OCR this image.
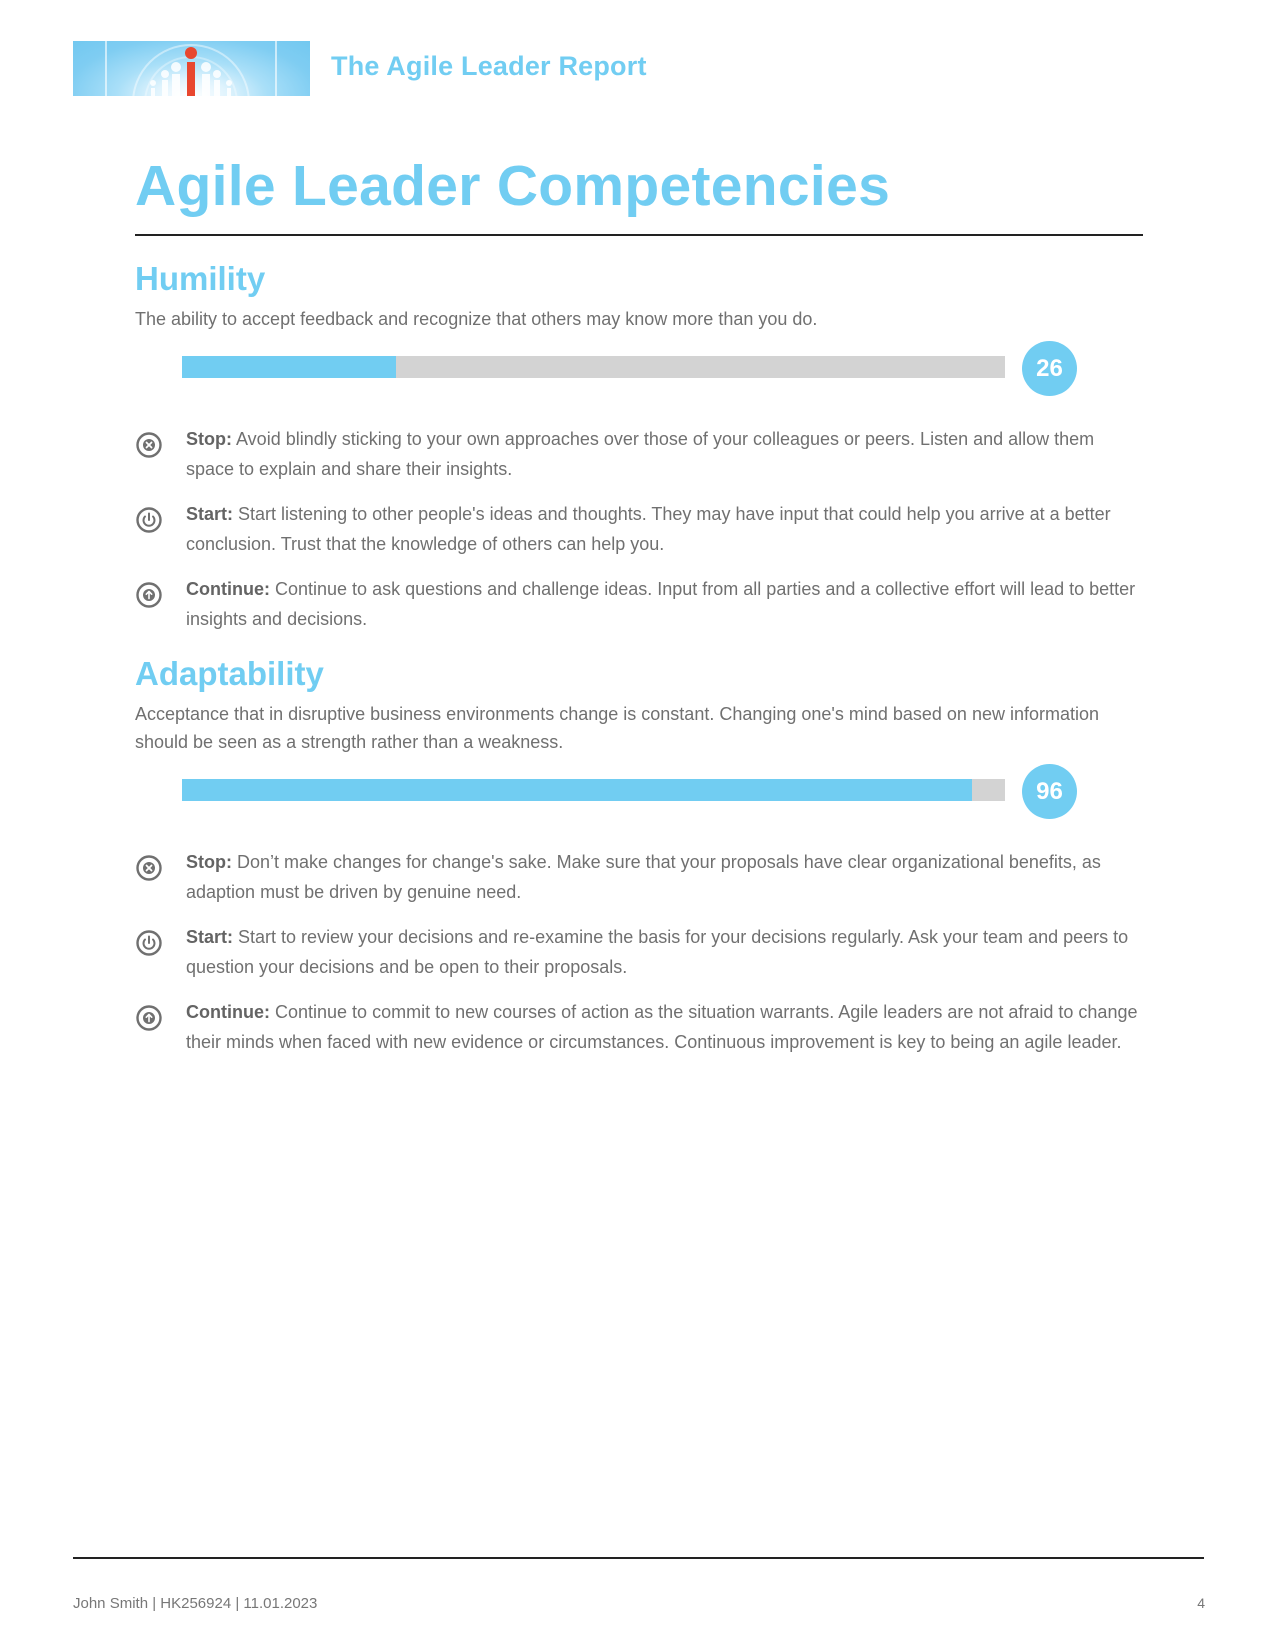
The Agile Leader Report
Agile Leader Competencies
Humility

The ability to accept feedback and recognize that others may know more than you do.

26

Stop: Avoid blindly sticking to your own approaches over those of your colleagues or peers. Listen and allow them space to explain and share their insights.

Start: Start listening to other people's ideas and thoughts. They may have input that could help you arrive at a better conclusion. Trust that the knowledge of others can help you.

Continue: Continue to ask questions and challenge ideas. Input from all parties and a collective effort will lead to better insights and decisions.

Adaptability

Acceptance that in disruptive business environments change is constant. Changing one's mind based on new information should be seen as a strength rather than a weakness.

96

Stop: Don’t make changes for change's sake. Make sure that your proposals have clear organizational benefits, as adaption must be driven by genuine need.

Start: Start to review your decisions and re-examine the basis for your decisions regularly. Ask your team and peers to question your decisions and be open to their proposals.

Continue: Continue to commit to new courses of action as the situation warrants. Agile leaders are not afraid to change their minds when faced with new evidence or circumstances. Continuous improvement is key to being an agile leader.

John Smith | HK256924 | 11.01.2023	4
